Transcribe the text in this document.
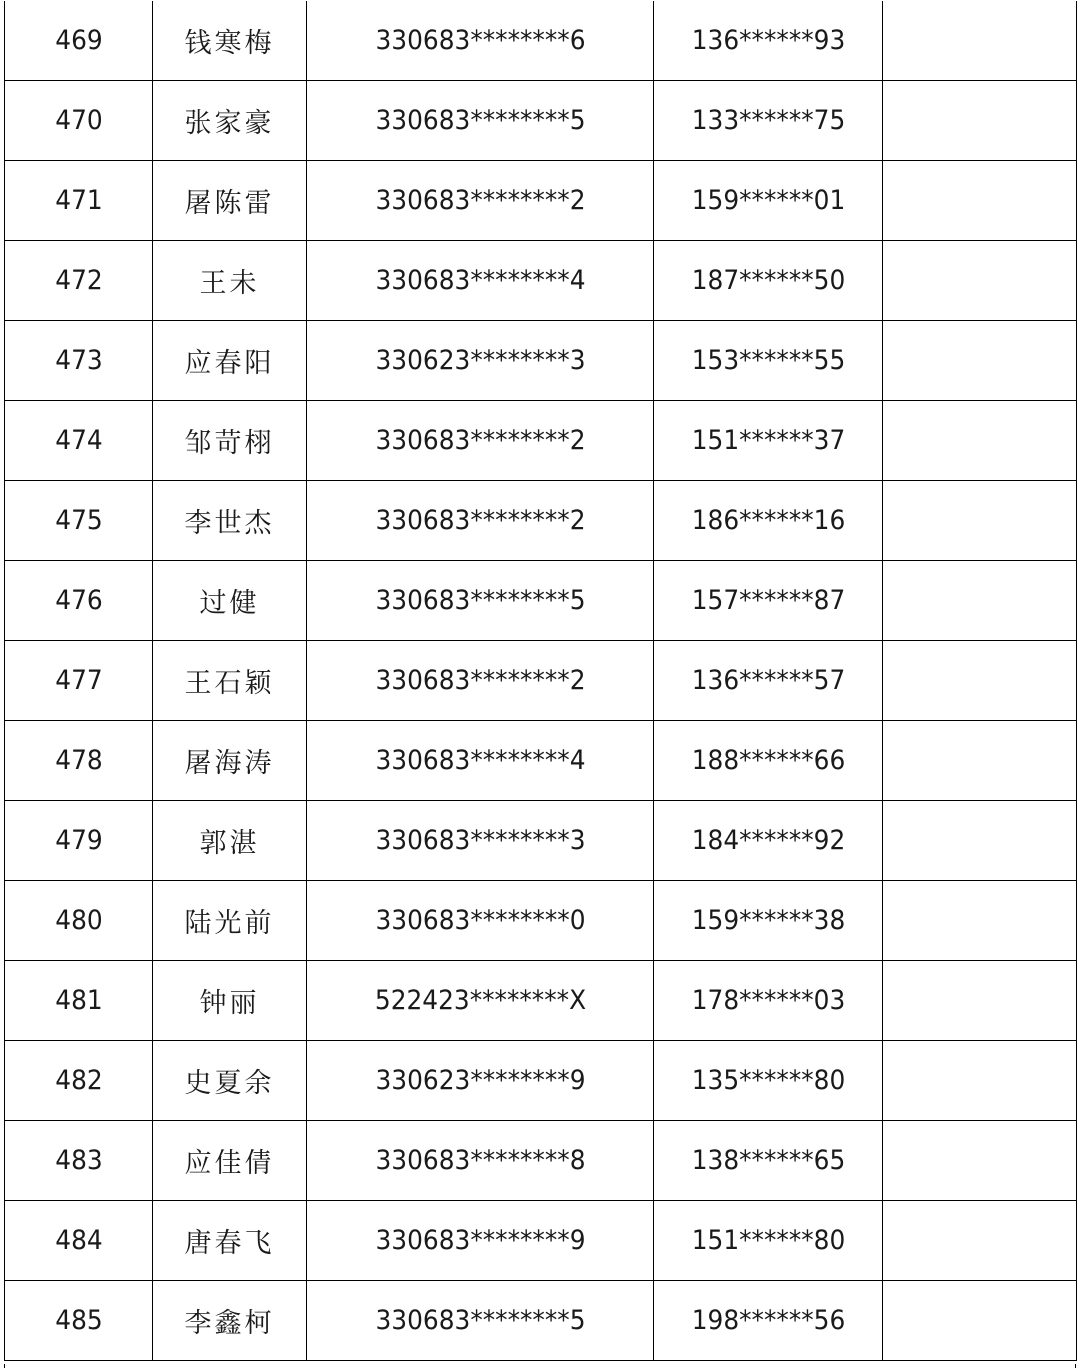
469	钱寒梅	330683********6	136******93	
470	张家豪	330683********5	133******75	
471	屠陈雷	330683********2	159******01	
472	王未	330683********4	187******50	
473	应春阳	330623********3	153******55	
474	邹苛栩	330683********2	151******37	
475	李世杰	330683********2	186******16	
476	过健	330683********5	157******87	
477	王石颖	330683********2	136******57	
478	屠海涛	330683********4	188******66	
479	郭湛	330683********3	184******92	
480	陆光前	330683********0	159******38	
481	钟丽	522423********X	178******03	
482	史夏余	330623********9	135******80	
483	应佳倩	330683********8	138******65	
484	唐春飞	330683********9	151******80	
485	李鑫柯	330683********5	198******56	
